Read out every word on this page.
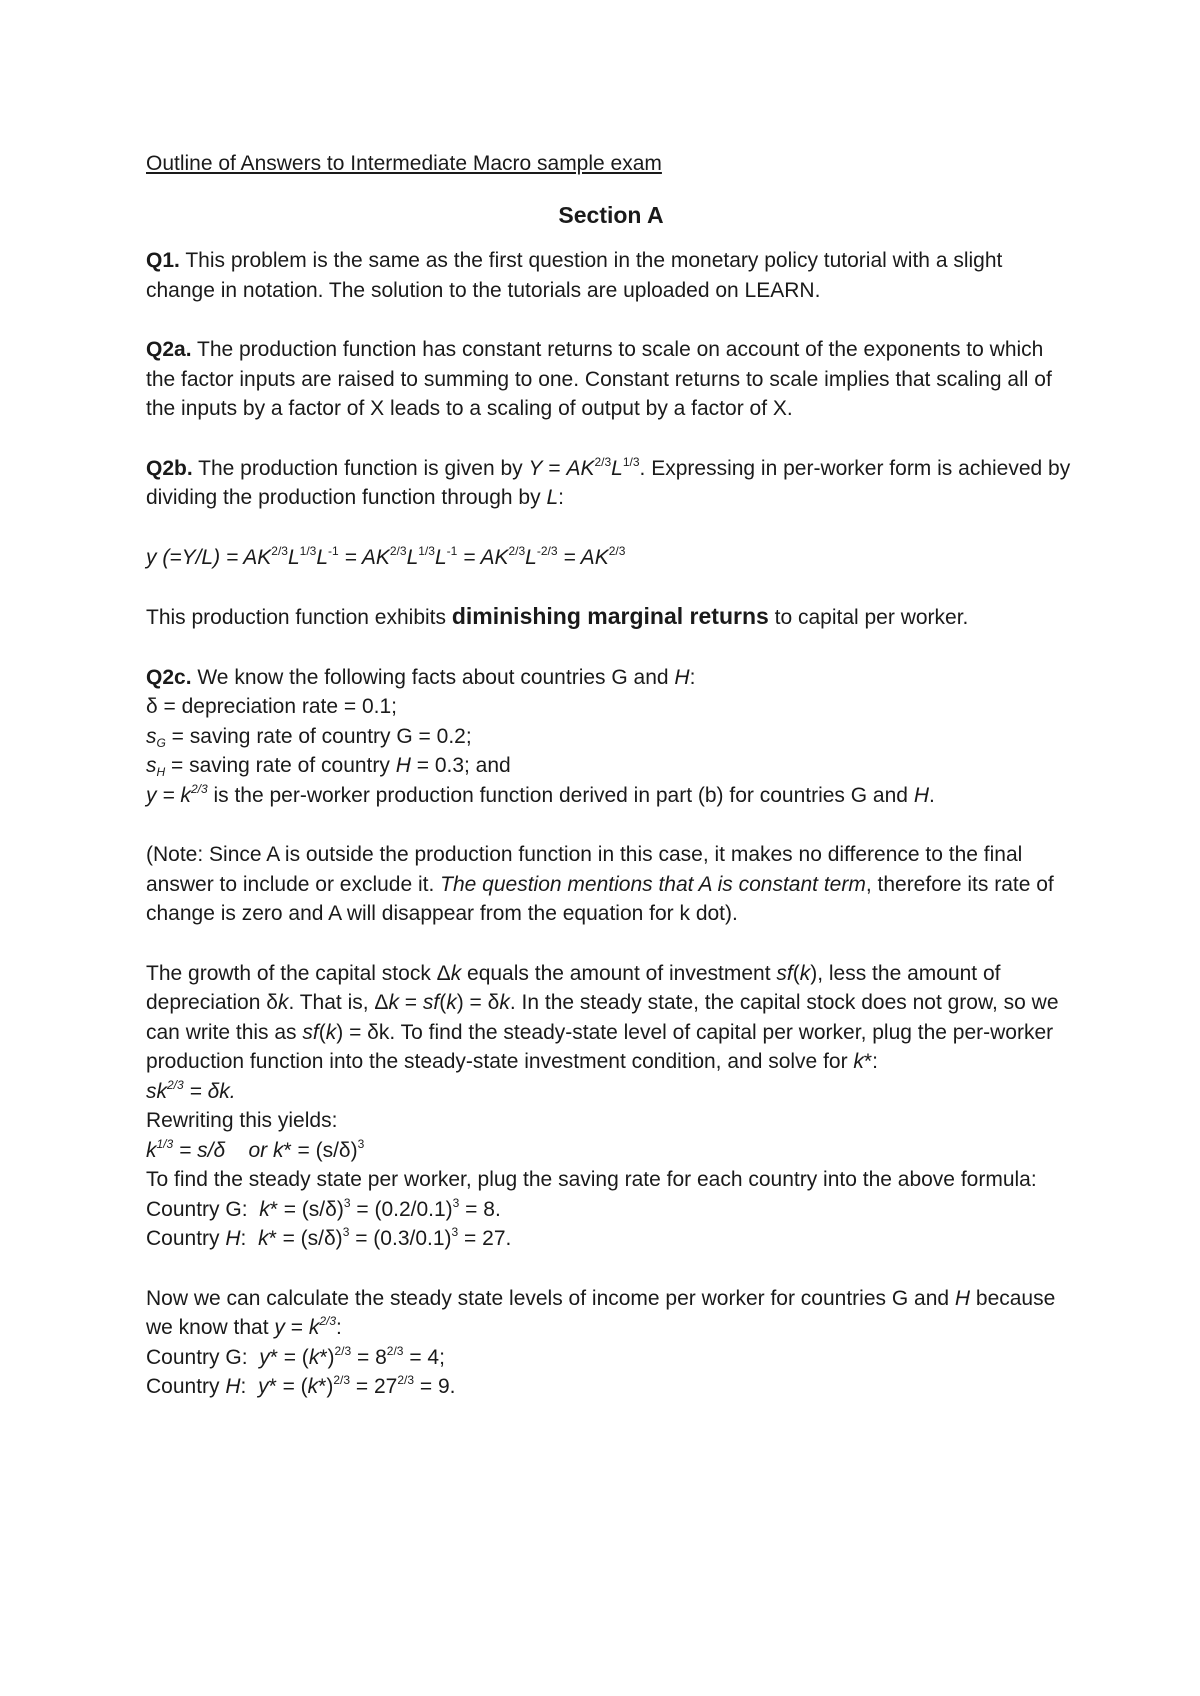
Outline of Answers to Intermediate Macro sample exam

Section A

Q1. This problem is the same as the first question in the monetary policy tutorial with a slight change in notation. The solution to the tutorials are uploaded on LEARN.

Q2a. The production function has constant returns to scale on account of the exponents to which the factor inputs are raised to summing to one. Constant returns to scale implies that scaling all of the inputs by a factor of X leads to a scaling of output by a factor of X.

Q2b. The production function is given by $Y = AK^{2/3}L^{1/3}$. Expressing in per-worker form is achieved by dividing the production function through by L:

y $(=Y/L) = AK^{2/3}L^{1/3}L^{-1} = AK^{2/3}L^{1/3}L^{-1} = AK^{2/3}L^{-2/3} = AK^{2/3}$

This production function exhibits diminishing marginal returns to capital per worker.

Q2c. We know the following facts about countries G and H:

δ = depreciation rate = 0.1;

$s_G$ = saving rate of country G = 0.2;

$s_H$ = saving rate of country H = 0.3; and

$y = k^{2/3}$ is the per-worker production function derived in part (b) for countries G and H.

(Note: Since A is outside the production function in this case, it makes no difference to the final answer to include or exclude it. The question mentions that A is constant term, therefore its rate of change is zero and A will disappear from the equation for k dot).

The growth of the capital stock Δk equals the amount of investment sf(k), less the amount of depreciation δk. That is, Δk = sf(k) = δk. In the steady state, the capital stock does not grow, so we can write this as sf(k) = δk. To find the steady-state level of capital per worker, plug the per-worker production function into the steady-state investment condition, and solve for k*:

$sk^{2/3} = \delta k$.

Rewriting this yields:

$k^{1/3} = s/\delta$    or $k* = (s/\delta)^3$

To find the steady state per worker, plug the saving rate for each country into the above formula:

Country G:  $k* = (s/\delta)^3 = (0.2/0.1)^3 = 8$.

Country H:  $k* = (s/\delta)^3 = (0.3/0.1)^3 = 27$.

Now we can calculate the steady state levels of income per worker for countries G and H because we know that $y = k^{2/3}$:

Country G:  $y* = (k*)^{2/3} = 8^{2/3} = 4$;

Country H:  $y* = (k*)^{2/3} = 27^{2/3} = 9$.
